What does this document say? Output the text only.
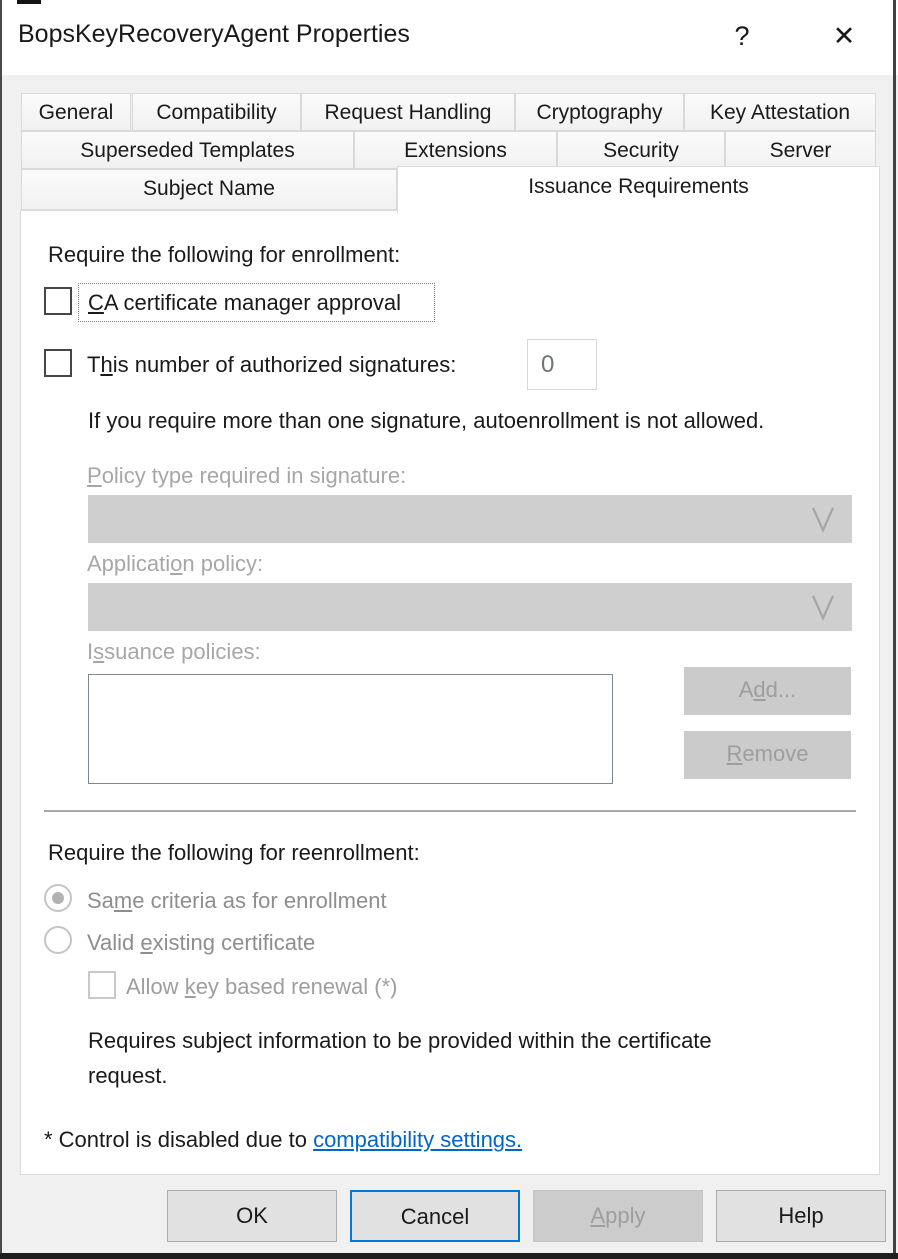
BopsKeyRecoveryAgent Properties	?	✕
General	Compatibility	Request Handling	Cryptography	Key Attestation
Superseded Templates	Extensions	Security	Server
Subject Name	Issuance Requirements
Require the following for enrollment:
CA certificate manager approval
This number of authorized signatures:	0
If you require more than one signature, autoenrollment is not allowed.
Policy type required in signature:
Application policy:
Issuance policies:
Add...
Remove
Require the following for reenrollment:
Same criteria as for enrollment
Valid existing certificate
Allow key based renewal (*)
Requires subject information to be provided within the certificate request.
* Control is disabled due to compatibility settings.
OK	Cancel	Apply	Help
